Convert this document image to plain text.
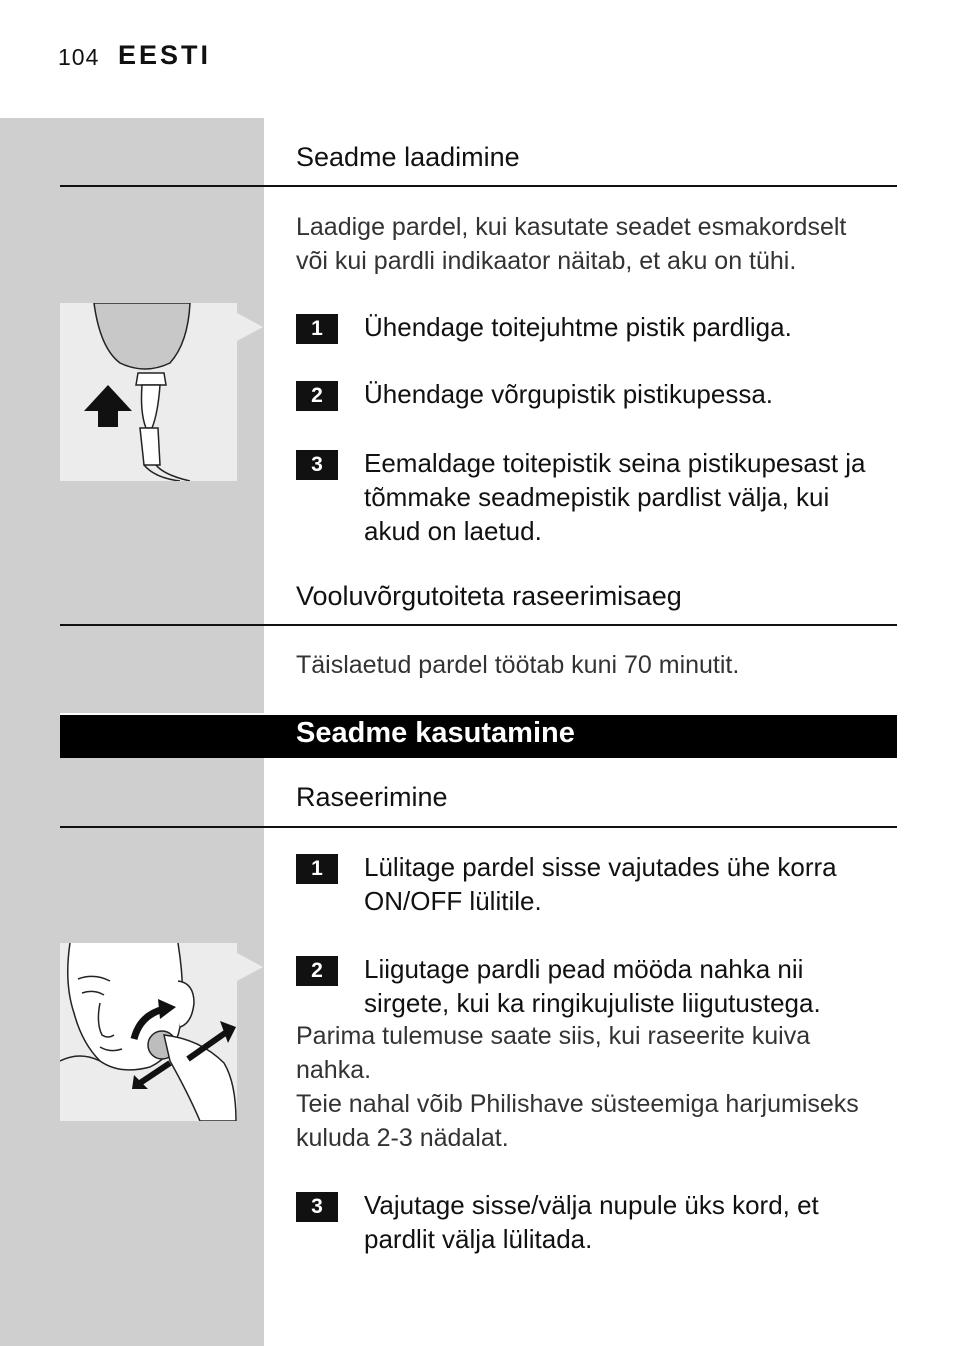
104 EESTI
Seadme laadimine
Laadige pardel, kui kasutate seadet esmakordselt
või kui pardli indikaator näitab, et aku on tühi.
1	Ühendage toitejuhtme pistik pardliga.
2	Ühendage võrgupistik pistikupessa.
3	Eemaldage toitepistik seina pistikupesast ja
tõmmake seadmepistik pardlist välja, kui
akud on laetud.
Vooluvõrgutoiteta raseerimisaeg
Täislaetud pardel töötab kuni 70 minutit.
Seadme kasutamine
Raseerimine
1	Lülitage pardel sisse vajutades ühe korra
ON/OFF lülitile.
2	Liigutage pardli pead mööda nahka nii
sirgete, kui ka ringikujuliste liigutustega.
Parima tulemuse saate siis, kui raseerite kuiva
nahka.
Teie nahal võib Philishave süsteemiga harjumiseks
kuluda 2-3 nädalat.
3	Vajutage sisse/välja nupule üks kord, et
pardlit välja lülitada.
